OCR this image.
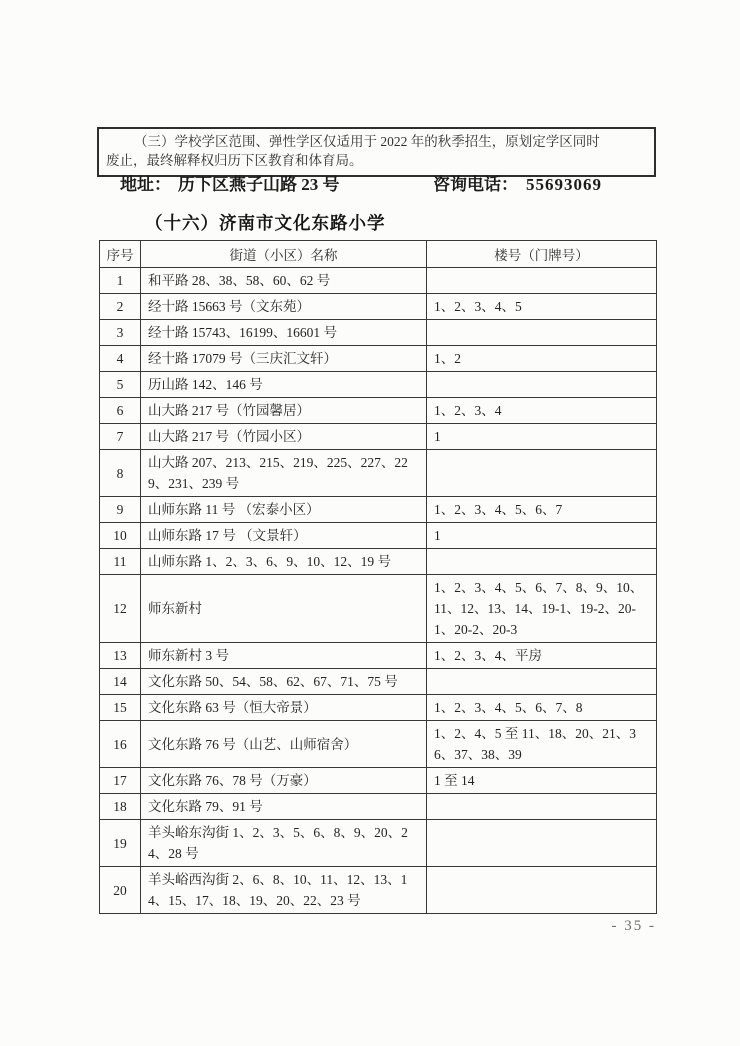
（三）学校学区范围、弹性学区仅适用于 2022 年的秋季招生，原划定学区同时
废止，最终解释权归历下区教育和体育局。
地址： 历下区燕子山路 23 号	咨询电话： 55693069
（十六）济南市文化东路小学
序号	街道（小区）名称	楼号（门牌号）
1	和平路 28、38、58、60、62 号	
2	经十路 15663 号（文东苑）	1、2、3、4、5
3	经十路 15743、16199、16601 号	
4	经十路 17079 号（三庆汇文轩）	1、2
5	历山路 142、146 号	
6	山大路 217 号（竹园馨居）	1、2、3、4
7	山大路 217 号（竹园小区）	1
8	山大路 207、213、215、219、225、227、229、231、239 号	
9	山师东路 11 号 （宏泰小区）	1、2、3、4、5、6、7
10	山师东路 17 号 （文景轩）	1
11	山师东路 1、2、3、6、9、10、12、19 号	
12	师东新村	1、2、3、4、5、6、7、8、9、10、11、12、13、14、19-1、19-2、20-1、20-2、20-3
13	师东新村 3 号	1、2、3、4、平房
14	文化东路 50、54、58、62、67、71、75 号	
15	文化东路 63 号（恒大帝景）	1、2、3、4、5、6、7、8
16	文化东路 76 号（山艺、山师宿舍）	1、2、4、5 至 11、18、20、21、36、37、38、39
17	文化东路 76、78 号（万豪）	1 至 14
18	文化东路 79、91 号	
19	羊头峪东沟街 1、2、3、5、6、8、9、20、24、28 号	
20	羊头峪西沟街 2、6、8、10、11、12、13、14、15、17、18、19、20、22、23 号	
- 35 -
